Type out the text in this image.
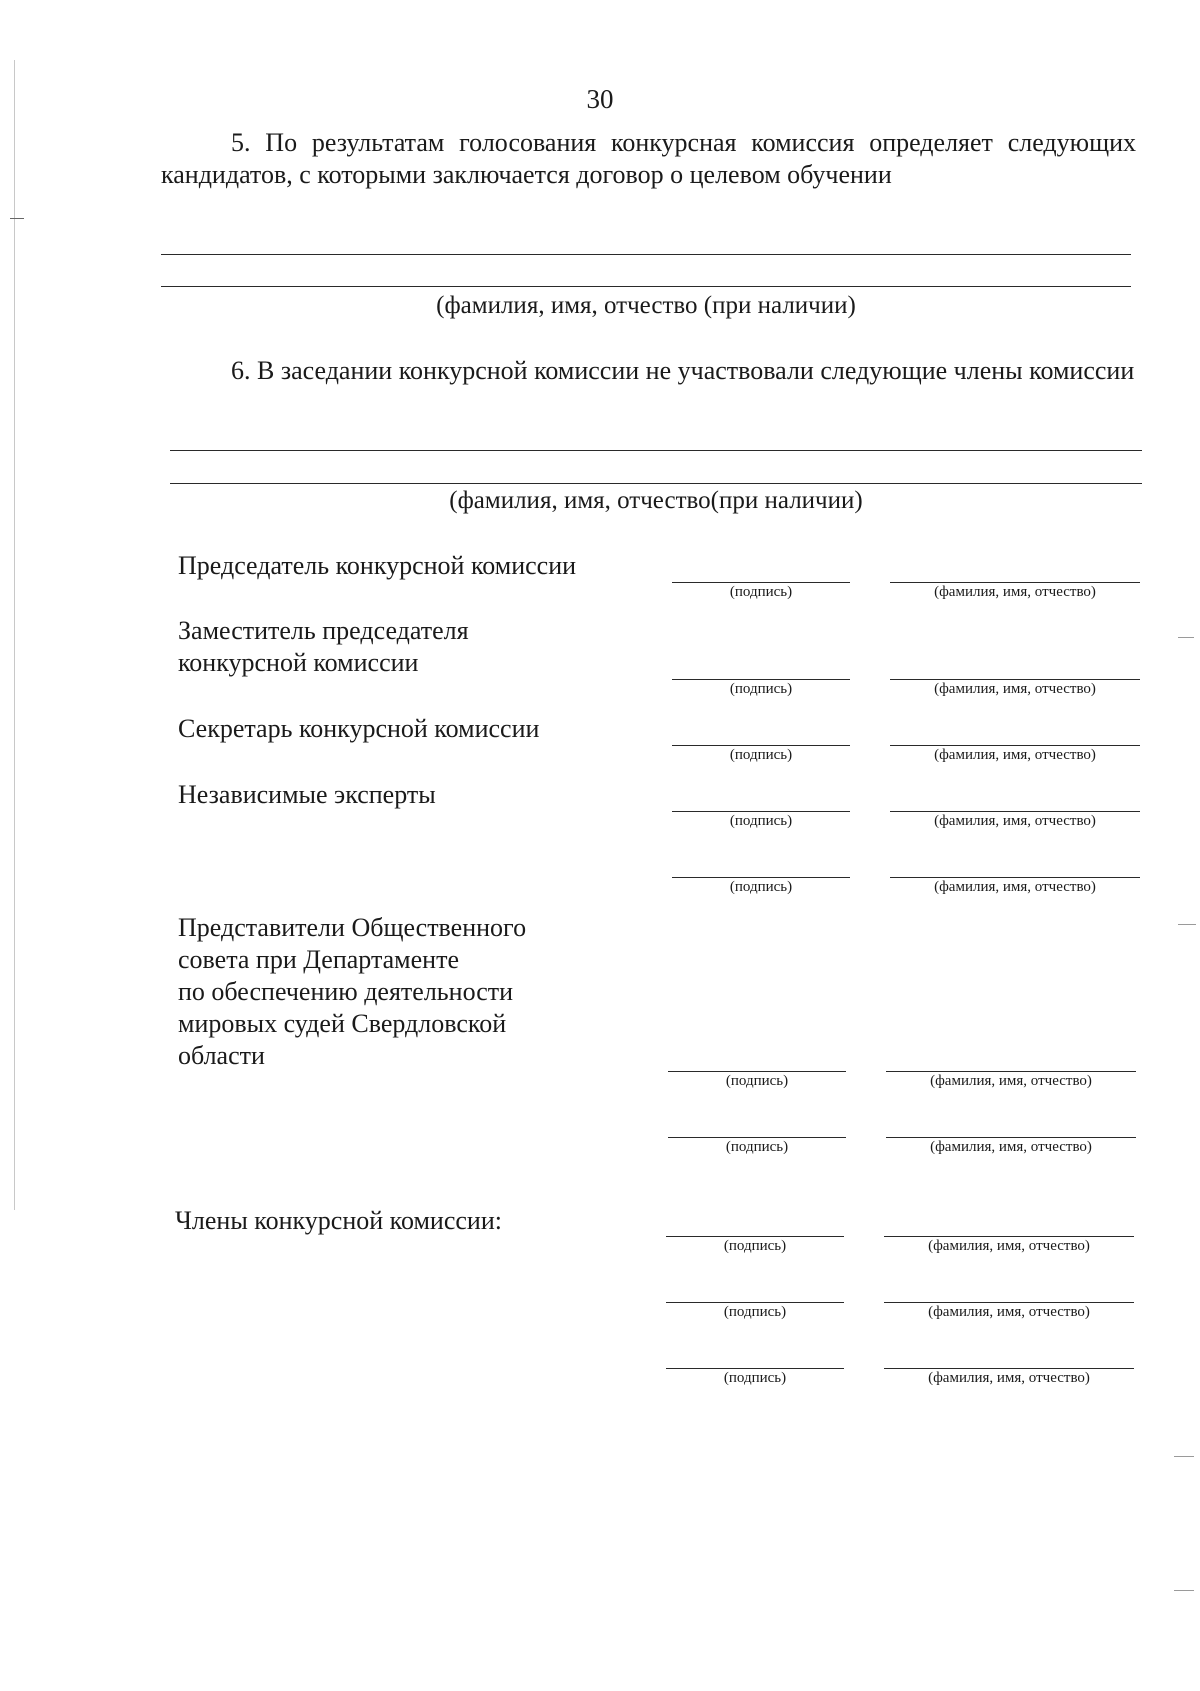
30
5. По результатам голосования конкурсная комиссия определяет следующих кандидатов, с которыми заключается договор о целевом обучении
(фамилия, имя, отчество (при наличии)
6. В заседании конкурсной комиссии не участвовали следующие члены комиссии
(фамилия, имя, отчество(при наличии)
Председатель конкурсной комиссии
(подпись)	(фамилия, имя, отчество)
Заместитель председателя
конкурсной комиссии
(подпись)	(фамилия, имя, отчество)
Секретарь конкурсной комиссии
(подпись)	(фамилия, имя, отчество)
Независимые эксперты
(подпись)	(фамилия, имя, отчество)
(подпись)	(фамилия, имя, отчество)
Представители Общественного
совета при Департаменте
по обеспечению деятельности
мировых судей Свердловской
области
(подпись)	(фамилия, имя, отчество)
(подпись)	(фамилия, имя, отчество)
Члены конкурсной комиссии:
(подпись)	(фамилия, имя, отчество)
(подпись)	(фамилия, имя, отчество)
(подпись)	(фамилия, имя, отчество)
